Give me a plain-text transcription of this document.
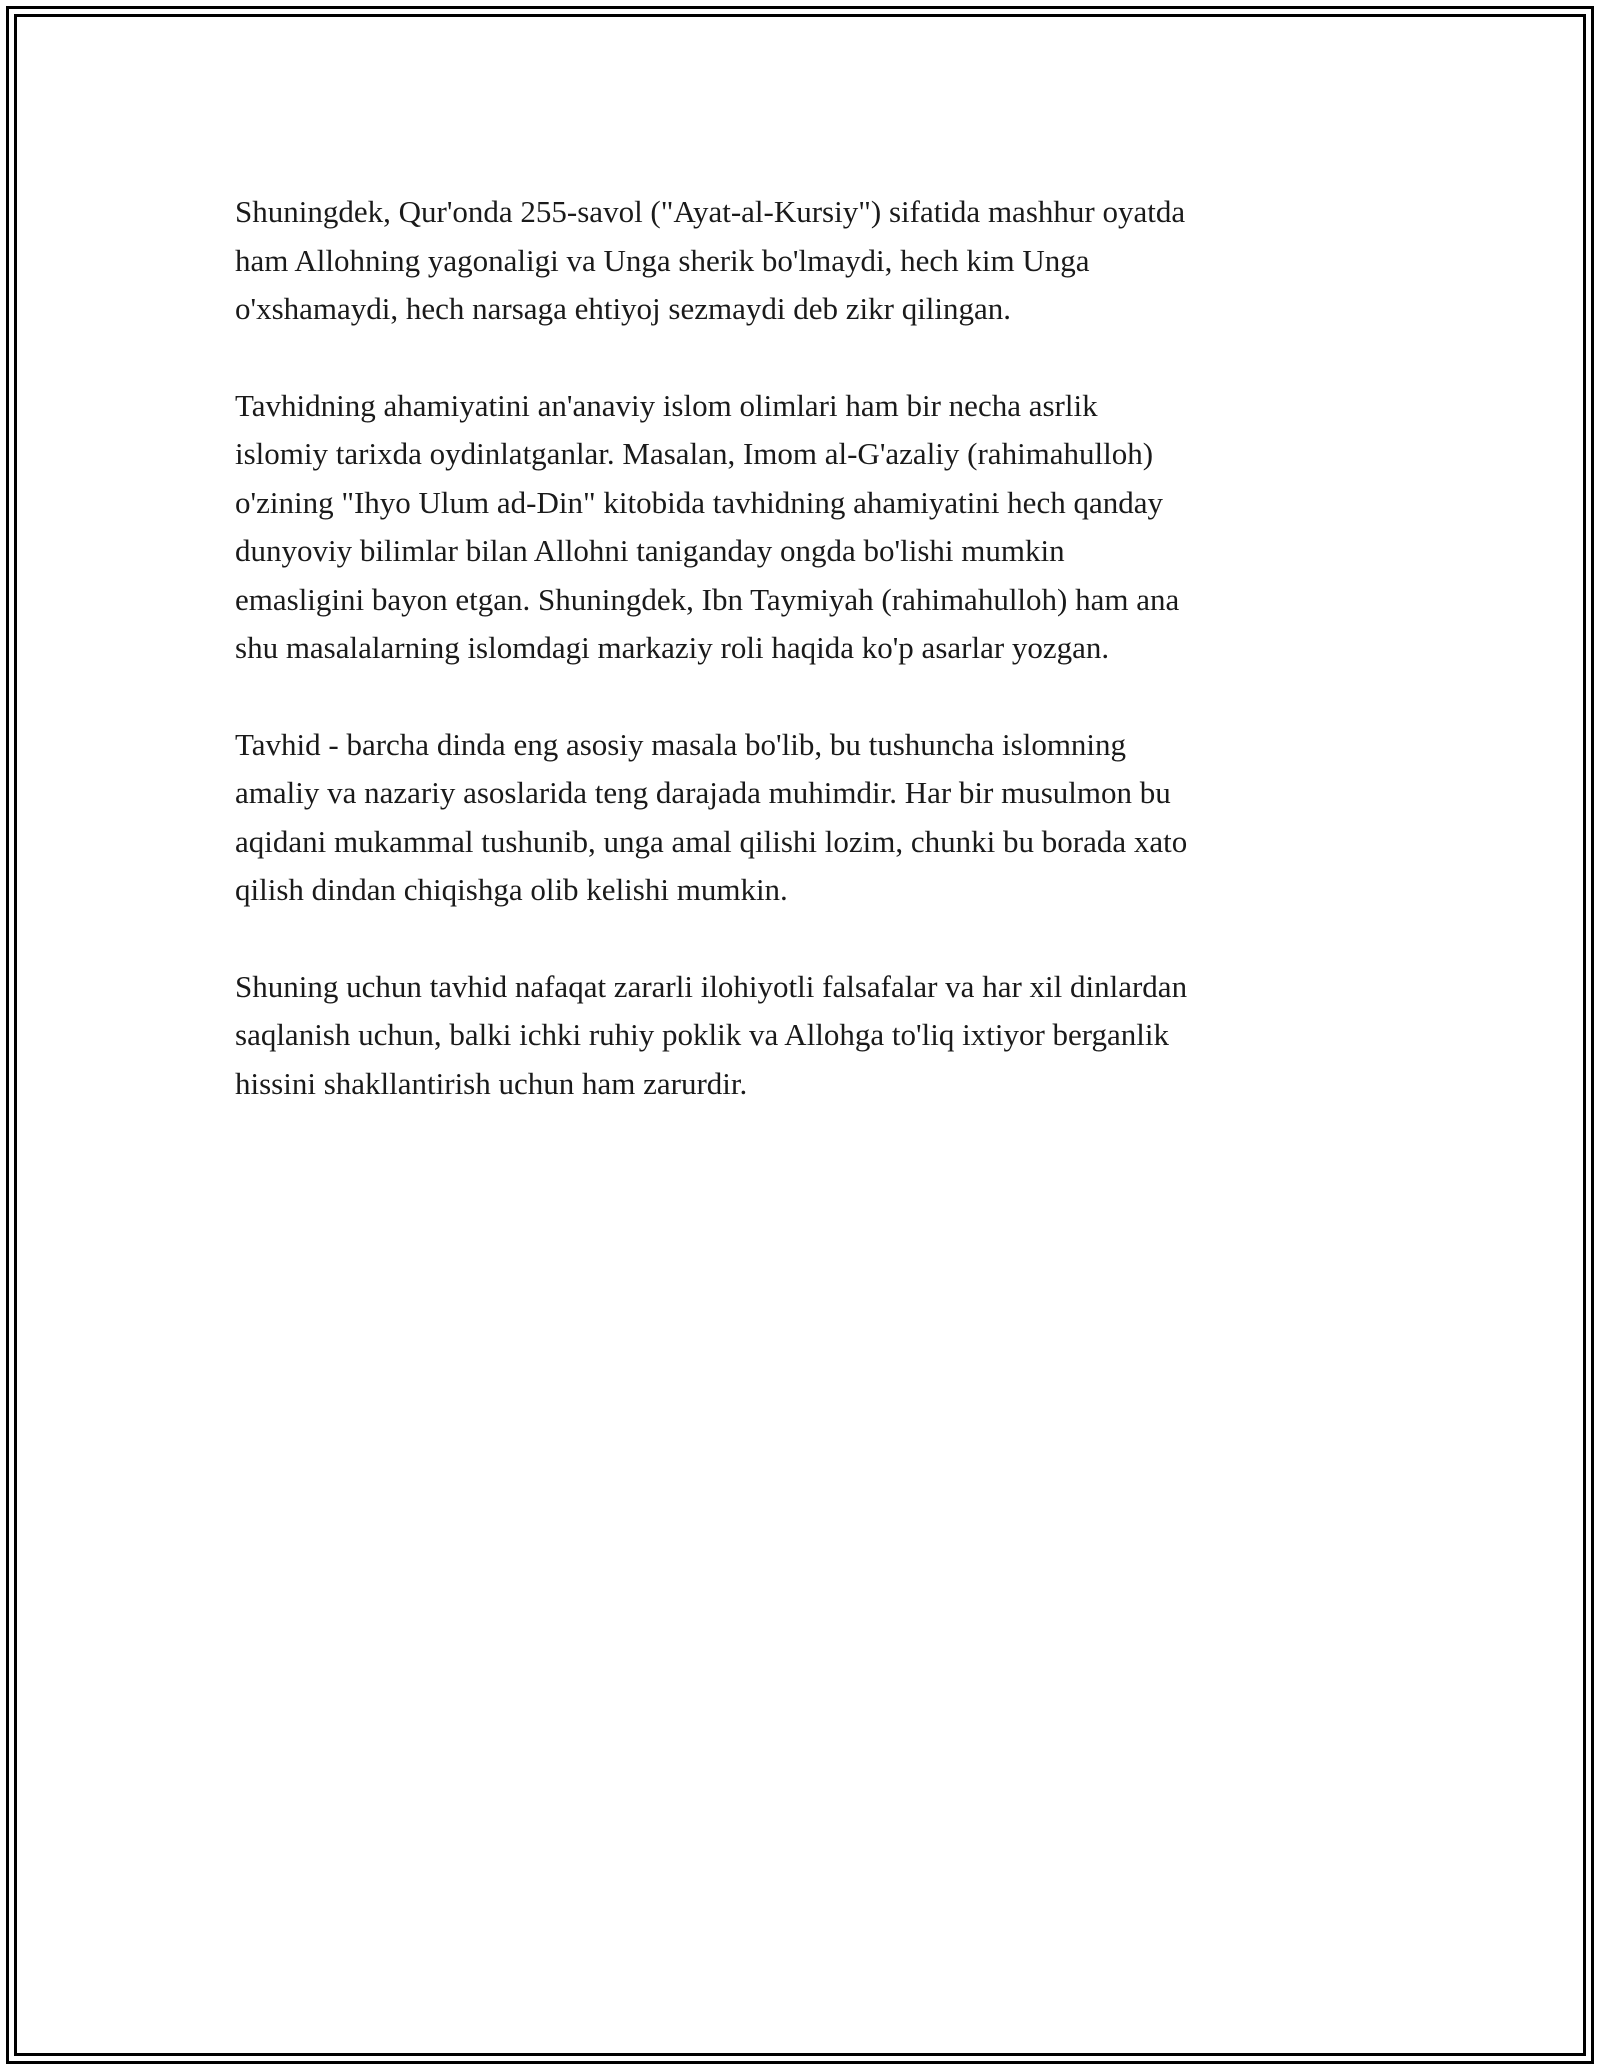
Shuningdek, Qur'onda 255-savol ("Ayat-al-Kursiy") sifatida mashhur oyatda
ham Allohning yagonaligi va Unga sherik bo'lmaydi, hech kim Unga
o'xshamaydi, hech narsaga ehtiyoj sezmaydi deb zikr qilingan.

Tavhidning ahamiyatini an'anaviy islom olimlari ham bir necha asrlik
islomiy tarixda oydinlatganlar. Masalan, Imom al-G'azaliy (rahimahulloh)
o'zining "Ihyo Ulum ad-Din" kitobida tavhidning ahamiyatini hech qanday
dunyoviy bilimlar bilan Allohni taniganday ongda bo'lishi mumkin
emasligini bayon etgan. Shuningdek, Ibn Taymiyah (rahimahulloh) ham ana
shu masalalarning islomdagi markaziy roli haqida ko'p asarlar yozgan.

Tavhid - barcha dinda eng asosiy masala bo'lib, bu tushuncha islomning
amaliy va nazariy asoslarida teng darajada muhimdir. Har bir musulmon bu
aqidani mukammal tushunib, unga amal qilishi lozim, chunki bu borada xato
qilish dindan chiqishga olib kelishi mumkin.

Shuning uchun tavhid nafaqat zararli ilohiyotli falsafalar va har xil dinlardan
saqlanish uchun, balki ichki ruhiy poklik va Allohga to'liq ixtiyor berganlik
hissini shakllantirish uchun ham zarurdir.
